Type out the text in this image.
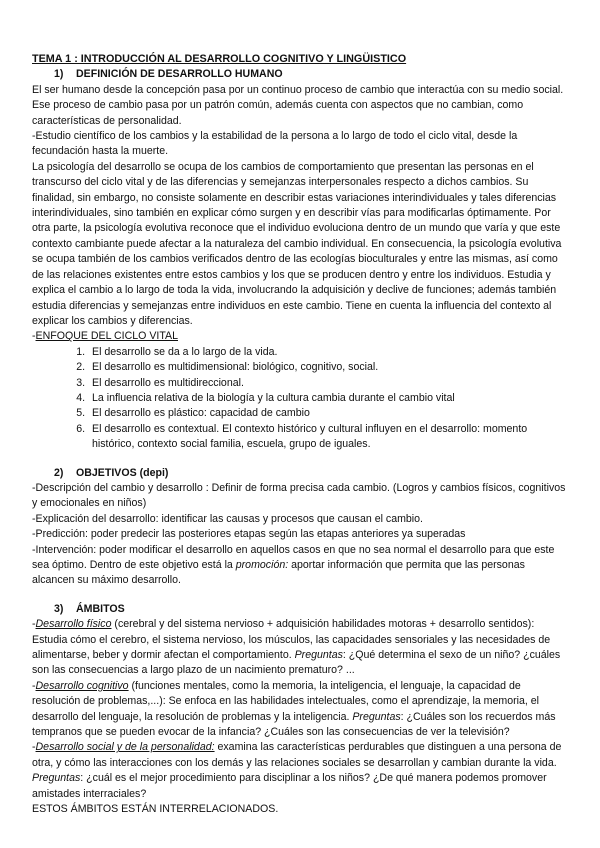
TEMA 1 : INTRODUCCIÓN AL DESARROLLO COGNITIVO Y LINGÜISTICO

1) DEFINICIÓN DE DESARROLLO HUMANO

El ser humano desde la concepción pasa por un continuo proceso de cambio que interactúa con su medio social. Ese proceso de cambio pasa por un patrón común, además cuenta con aspectos que no cambian, como características de personalidad.

-Estudio científico de los cambios y la estabilidad de la persona a lo largo de todo el ciclo vital, desde la fecundación hasta la muerte.

La psicología del desarrollo se ocupa de los cambios de comportamiento que presentan las personas en el transcurso del ciclo vital y de las diferencias y semejanzas interpersonales respecto a dichos cambios. Su finalidad, sin embargo, no consiste solamente en describir estas variaciones interindividuales y tales diferencias interindividuales, sino también en explicar cómo surgen y en describir vías para modificarlas óptimamente. Por otra parte, la psicología evolutiva reconoce que el individuo evoluciona dentro de un mundo que varía y que este contexto cambiante puede afectar a la naturaleza del cambio individual. En consecuencia, la psicología evolutiva se ocupa también de los cambios verificados dentro de las ecologías bioculturales y entre las mismas, así como de las relaciones existentes entre estos cambios y los que se producen dentro y entre los individuos. Estudia y explica el cambio a lo largo de toda la vida, involucrando la adquisición y declive de funciones; además también estudia diferencias y semejanzas entre individuos en este cambio. Tiene en cuenta la influencia del contexto al explicar los cambios y diferencias.

-ENFOQUE DEL CICLO VITAL

1. El desarrollo se da a lo largo de la vida.
2. El desarrollo es multidimensional: biológico, cognitivo, social.
3. El desarrollo es multidireccional.
4. La influencia relativa de la biología y la cultura cambia durante el cambio vital
5. El desarrollo es plástico: capacidad de cambio
6. El desarrollo es contextual. El contexto histórico y cultural influyen en el desarrollo: momento histórico, contexto social familia, escuela, grupo de iguales.

2) OBJETIVOS (depi)

-Descripción del cambio y desarrollo : Definir de forma precisa cada cambio. (Logros y cambios físicos, cognitivos y emocionales en niños)

-Explicación del desarrollo: identificar las causas y procesos que causan el cambio.

-Predicción: poder predecir las posteriores etapas según las etapas anteriores ya superadas

-Intervención: poder modificar el desarrollo en aquellos casos en que no sea normal el desarrollo para que este sea óptimo. Dentro de este objetivo está la promoción: aportar información que permita que las personas alcancen su máximo desarrollo.

3) ÁMBITOS

-Desarrollo físico (cerebral y del sistema nervioso + adquisición habilidades motoras + desarrollo sentidos): Estudia cómo el cerebro, el sistema nervioso, los músculos, las capacidades sensoriales y las necesidades de alimentarse, beber y dormir afectan el comportamiento. Preguntas: ¿Qué determina el sexo de un niño? ¿cuáles son las consecuencias a largo plazo de un nacimiento prematuro? ...

-Desarrollo cognitivo (funciones mentales, como la memoria, la inteligencia, el lenguaje, la capacidad de resolución de problemas,...): Se enfoca en las habilidades intelectuales, como el aprendizaje, la memoria, el desarrollo del lenguaje, la resolución de problemas y la inteligencia. Preguntas: ¿Cuáles son los recuerdos más tempranos que se pueden evocar de la infancia? ¿Cuáles son las consecuencias de ver la televisión?

-Desarrollo social y de la personalidad: examina las características perdurables que distinguen a una persona de otra, y cómo las interacciones con los demás y las relaciones sociales se desarrollan y cambian durante la vida. Preguntas: ¿cuál es el mejor procedimiento para disciplinar a los niños? ¿De qué manera podemos promover amistades interraciales?

ESTOS ÁMBITOS ESTÁN INTERRELACIONADOS.
